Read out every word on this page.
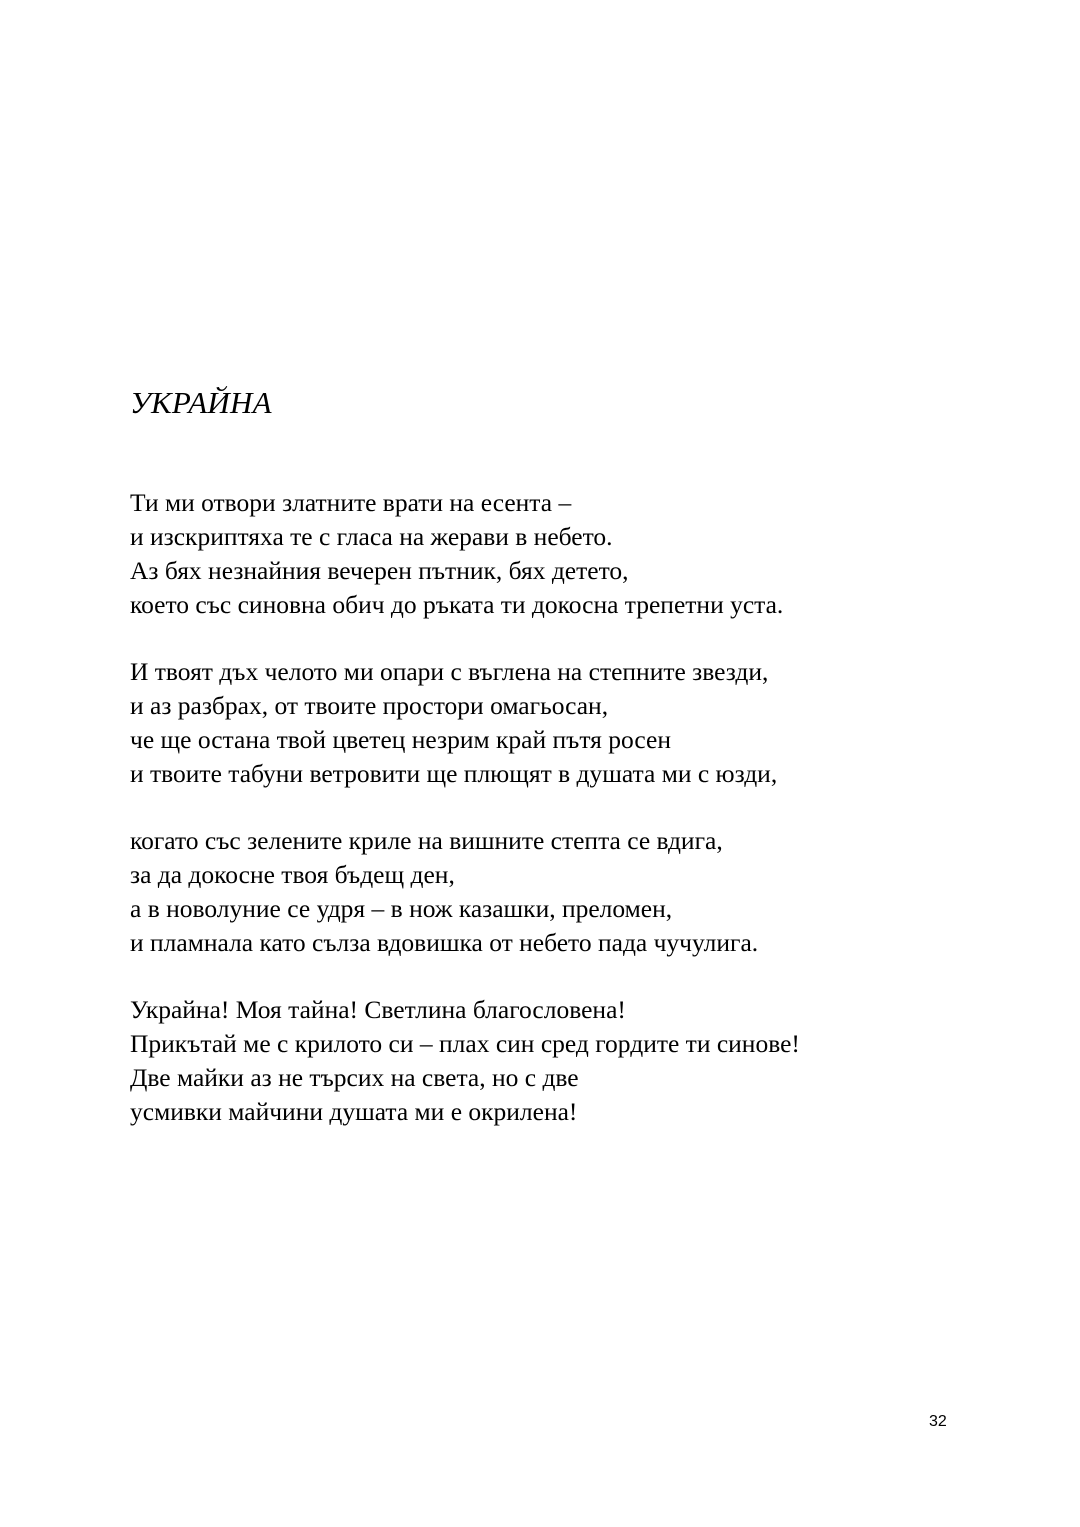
УКРАЙНА

Ти ми отвори златните врати на есента –
и изскриптяха те с гласа на жерави в небето.
Аз бях незнайния вечерен пътник, бях детето,
което със синовна обич до ръката ти докосна трепетни уста.

И твоят дъх челото ми опари с въглена на степните звезди,
и аз разбрах, от твоите простори омагьосан,
че ще остана твой цветец незрим край пътя росен
и твоите табуни ветровити ще плющят в душата ми с юзди,

когато със зелените криле на вишните степта се вдига,
за да докосне твоя бъдещ ден,
а в новолуние се удря – в нож казашки, преломен,
и пламнала като сълза вдовишка от небето пада чучулига.

Украйна! Моя тайна! Светлина благословена!
Прикътай ме с крилото си – плах син сред гордите ти синове!
Две майки аз не търсих на света, но с две
усмивки майчини душата ми е окрилена!

32
